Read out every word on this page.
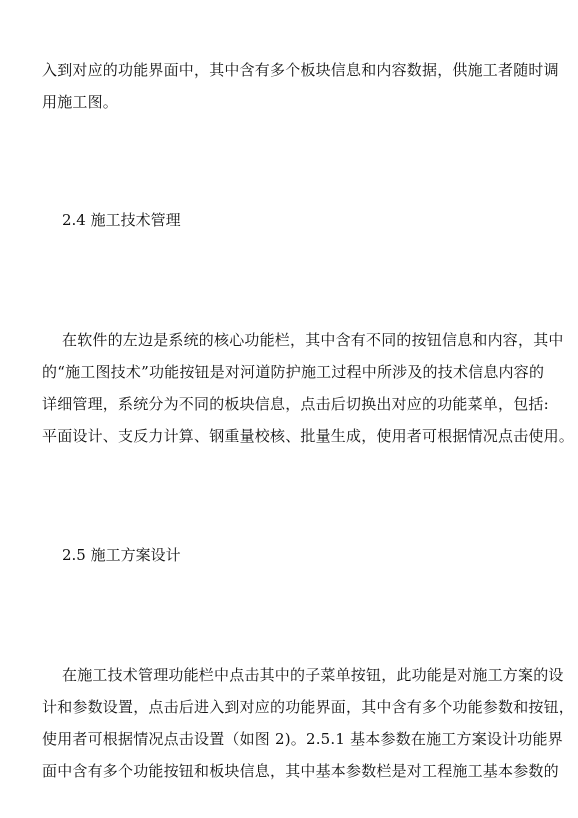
入到对应的功能界面中，其中含有多个板块信息和内容数据，供施工者随时调
用施工图。
2.4 施工技术管理
在软件的左边是系统的核心功能栏，其中含有不同的按钮信息和内容，其中
的“施工图技术”功能按钮是对河道防护施工过程中所涉及的技术信息内容的
详细管理，系统分为不同的板块信息，点击后切换出对应的功能菜单，包括:
平面设计、支反力计算、钢重量校核、批量生成，使用者可根据情况点击使用。
2.5 施工方案设计
在施工技术管理功能栏中点击其中的子菜单按钮，此功能是对施工方案的设
计和参数设置，点击后进入到对应的功能界面，其中含有多个功能参数和按钮，
使用者可根据情况点击设置（如图 2)。2.5.1 基本参数在施工方案设计功能界
面中含有多个功能按钮和板块信息，其中基本参数栏是对工程施工基本参数的
